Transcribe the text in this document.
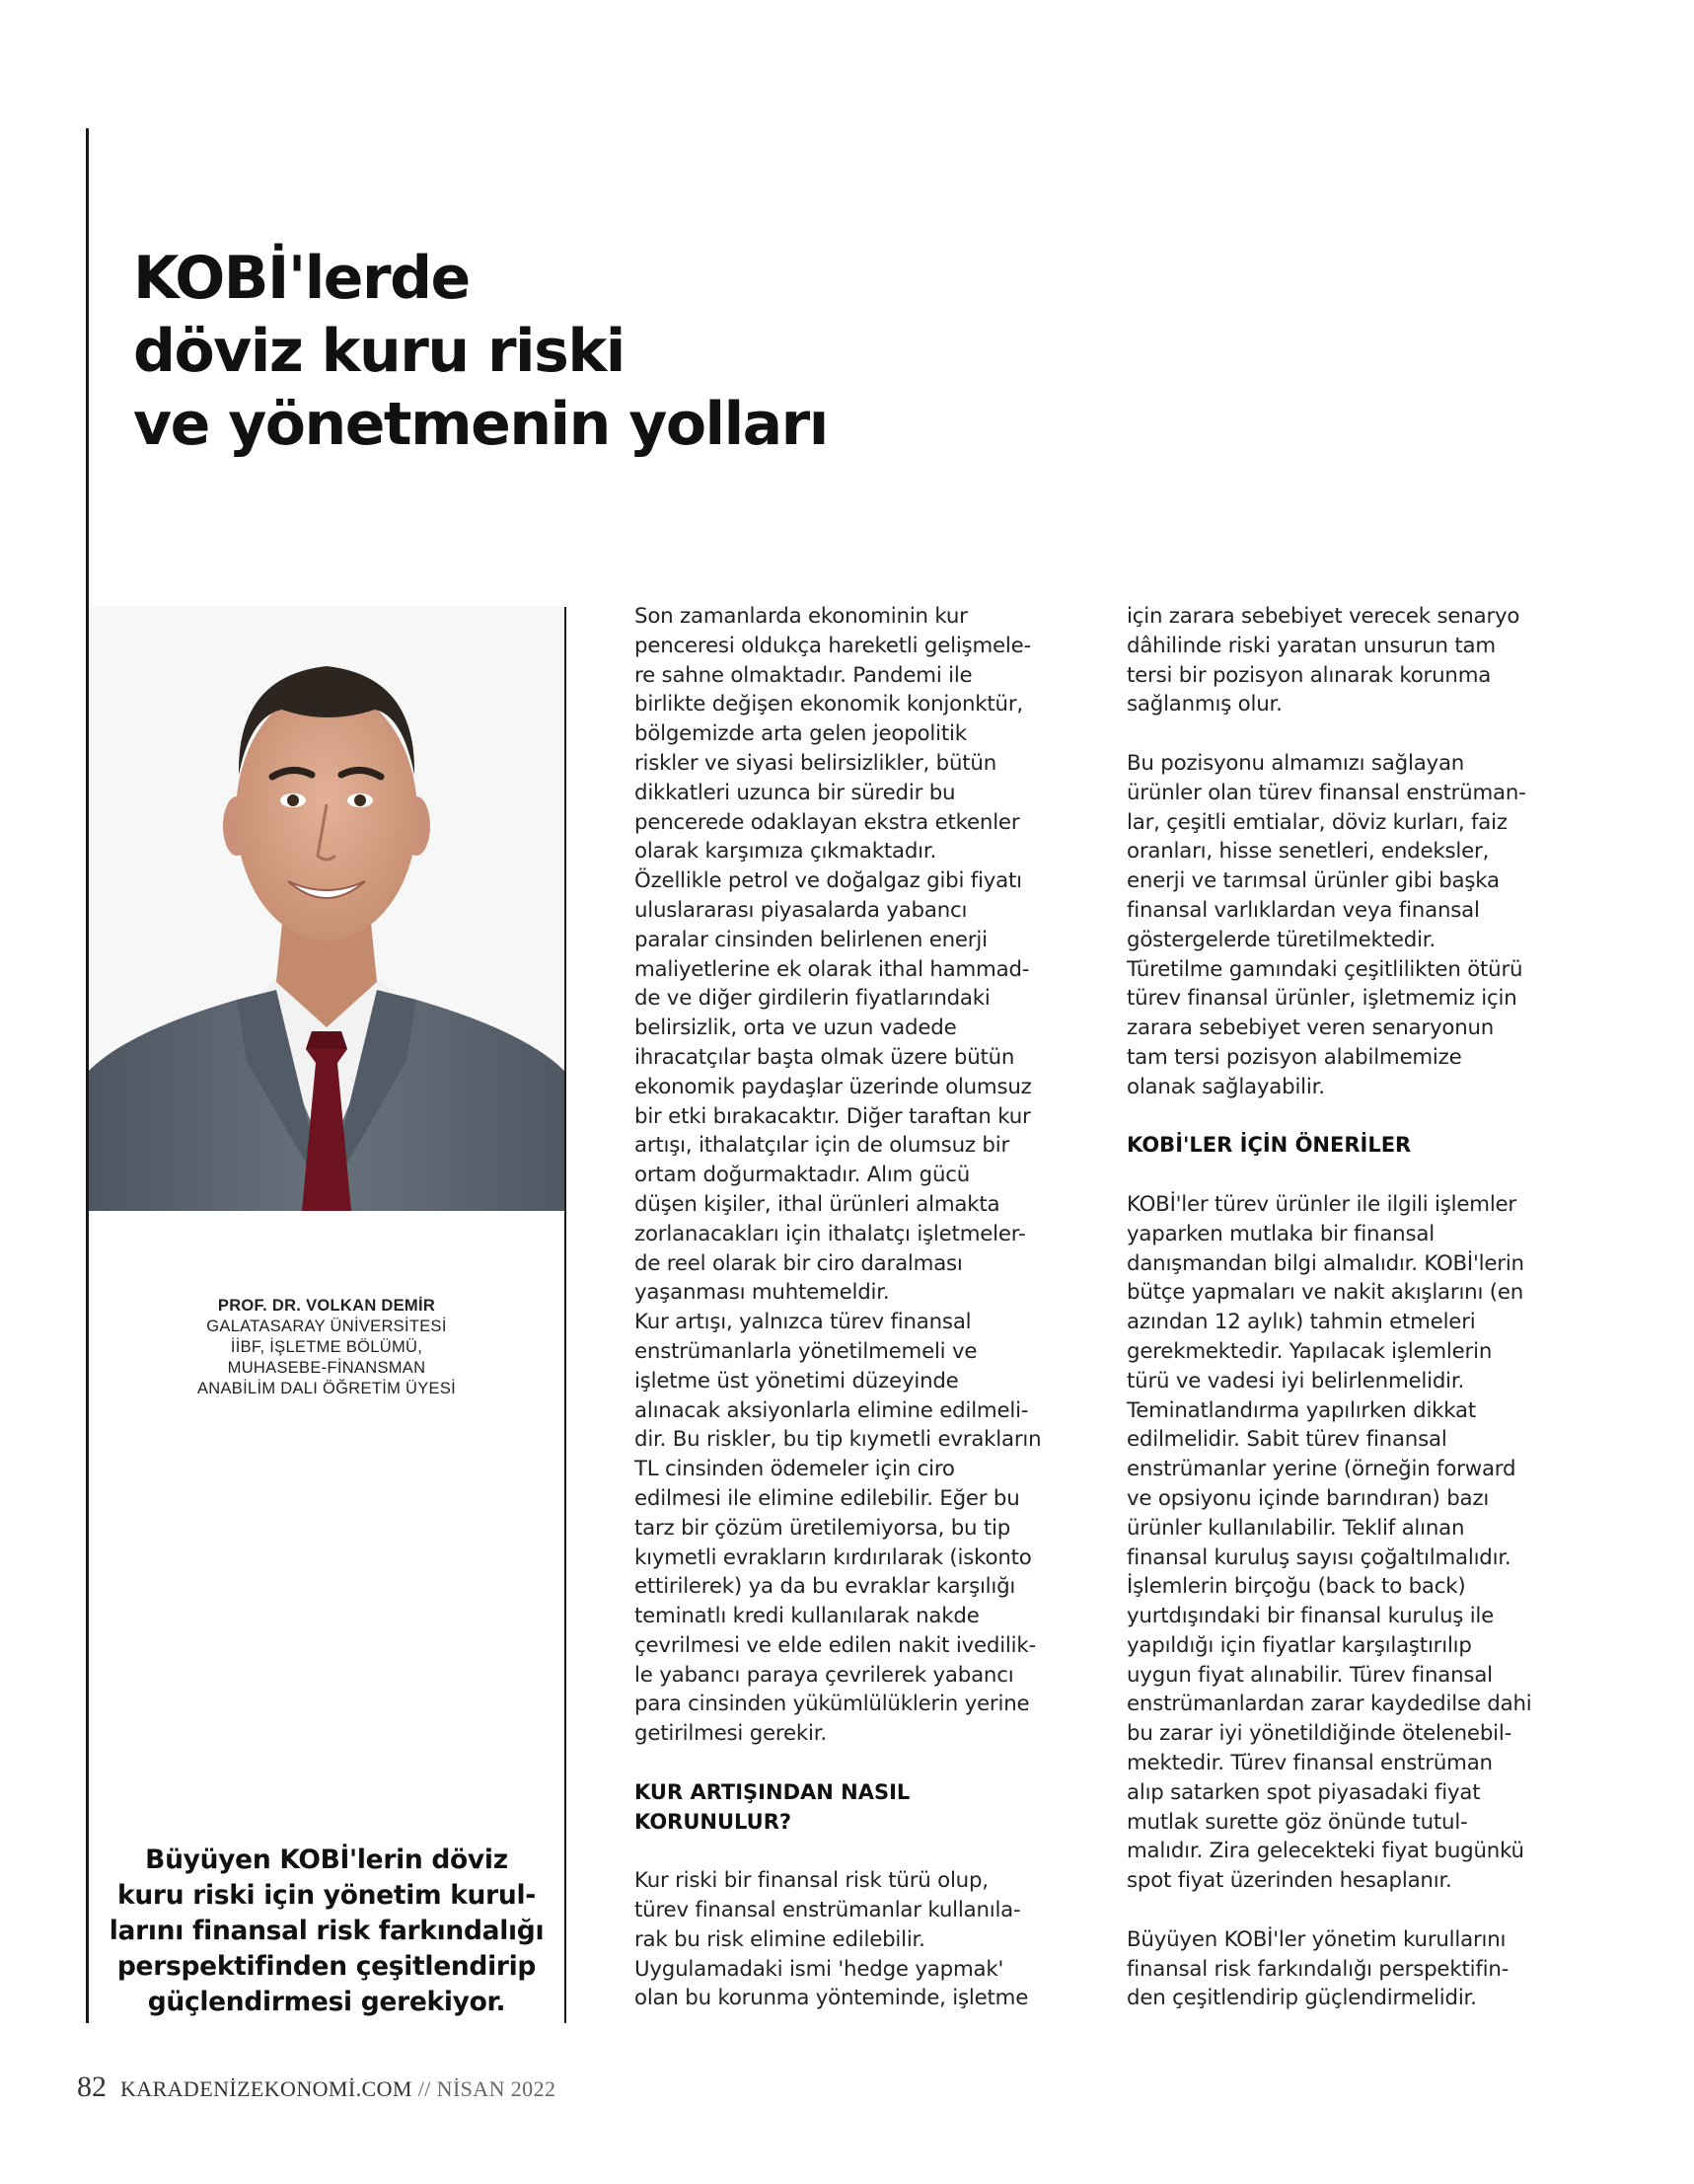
KOBİ'lerde
döviz kuru riski
ve yönetmenin yolları
PROF. DR. VOLKAN DEMİR
GALATASARAY ÜNİVERSİTESİ
İİBF, İŞLETME BÖLÜMÜ,
MUHASEBE-FİNANSMAN
ANABİLİM DALI ÖĞRETİM ÜYESİ

Büyüyen KOBİ'lerin döviz
kuru riski için yönetim kurul-
larını finansal risk farkındalığı
perspektifinden çeşitlendirip
güçlendirmesi gerekiyor.

Son zamanlarda ekonominin kur
penceresi oldukça hareketli gelişmele-
re sahne olmaktadır. Pandemi ile
birlikte değişen ekonomik konjonktür,
bölgemizde arta gelen jeopolitik
riskler ve siyasi belirsizlikler, bütün
dikkatleri uzunca bir süredir bu
pencerede odaklayan ekstra etkenler
olarak karşımıza çıkmaktadır.
Özellikle petrol ve doğalgaz gibi fiyatı
uluslararası piyasalarda yabancı
paralar cinsinden belirlenen enerji
maliyetlerine ek olarak ithal hammad-
de ve diğer girdilerin fiyatlarındaki
belirsizlik, orta ve uzun vadede
ihracatçılar başta olmak üzere bütün
ekonomik paydaşlar üzerinde olumsuz
bir etki bırakacaktır. Diğer taraftan kur
artışı, ithalatçılar için de olumsuz bir
ortam doğurmaktadır. Alım gücü
düşen kişiler, ithal ürünleri almakta
zorlanacakları için ithalatçı işletmeler-
de reel olarak bir ciro daralması
yaşanması muhtemeldir.
Kur artışı, yalnızca türev finansal
enstrümanlarla yönetilmemeli ve
işletme üst yönetimi düzeyinde
alınacak aksiyonlarla elimine edilmeli-
dir. Bu riskler, bu tip kıymetli evrakların
TL cinsinden ödemeler için ciro
edilmesi ile elimine edilebilir. Eğer bu
tarz bir çözüm üretilemiyorsa, bu tip
kıymetli evrakların kırdırılarak (iskonto
ettirilerek) ya da bu evraklar karşılığı
teminatlı kredi kullanılarak nakde
çevrilmesi ve elde edilen nakit ivedilik-
le yabancı paraya çevrilerek yabancı
para cinsinden yükümlülüklerin yerine
getirilmesi gerekir.

KUR ARTIŞINDAN NASIL
KORUNULUR?

Kur riski bir finansal risk türü olup,
türev finansal enstrümanlar kullanıla-
rak bu risk elimine edilebilir.
Uygulamadaki ismi 'hedge yapmak'
olan bu korunma yönteminde, işletme

için zarara sebebiyet verecek senaryo
dâhilinde riski yaratan unsurun tam
tersi bir pozisyon alınarak korunma
sağlanmış olur.

Bu pozisyonu almamızı sağlayan
ürünler olan türev finansal enstrüman-
lar, çeşitli emtialar, döviz kurları, faiz
oranları, hisse senetleri, endeksler,
enerji ve tarımsal ürünler gibi başka
finansal varlıklardan veya finansal
göstergelerde türetilmektedir.
Türetilme gamındaki çeşitlilikten ötürü
türev finansal ürünler, işletmemiz için
zarara sebebiyet veren senaryonun
tam tersi pozisyon alabilmemize
olanak sağlayabilir.

KOBİ'LER İÇİN ÖNERİLER

KOBİ'ler türev ürünler ile ilgili işlemler
yaparken mutlaka bir finansal
danışmandan bilgi almalıdır. KOBİ'lerin
bütçe yapmaları ve nakit akışlarını (en
azından 12 aylık) tahmin etmeleri
gerekmektedir. Yapılacak işlemlerin
türü ve vadesi iyi belirlenmelidir.
Teminatlandırma yapılırken dikkat
edilmelidir. Sabit türev finansal
enstrümanlar yerine (örneğin forward
ve opsiyonu içinde barındıran) bazı
ürünler kullanılabilir. Teklif alınan
finansal kuruluş sayısı çoğaltılmalıdır.
İşlemlerin birçoğu (back to back)
yurtdışındaki bir finansal kuruluş ile
yapıldığı için fiyatlar karşılaştırılıp
uygun fiyat alınabilir. Türev finansal
enstrümanlardan zarar kaydedilse dahi
bu zarar iyi yönetildiğinde ötelenebil-
mektedir. Türev finansal enstrüman
alıp satarken spot piyasadaki fiyat
mutlak surette göz önünde tutul-
malıdır. Zira gelecekteki fiyat bugünkü
spot fiyat üzerinden hesaplanır.

Büyüyen KOBİ'ler yönetim kurullarını
finansal risk farkındalığı perspektifin-
den çeşitlendirip güçlendirmelidir.

82 KARADENİZEKONOMİ.COM // NİSAN 2022
